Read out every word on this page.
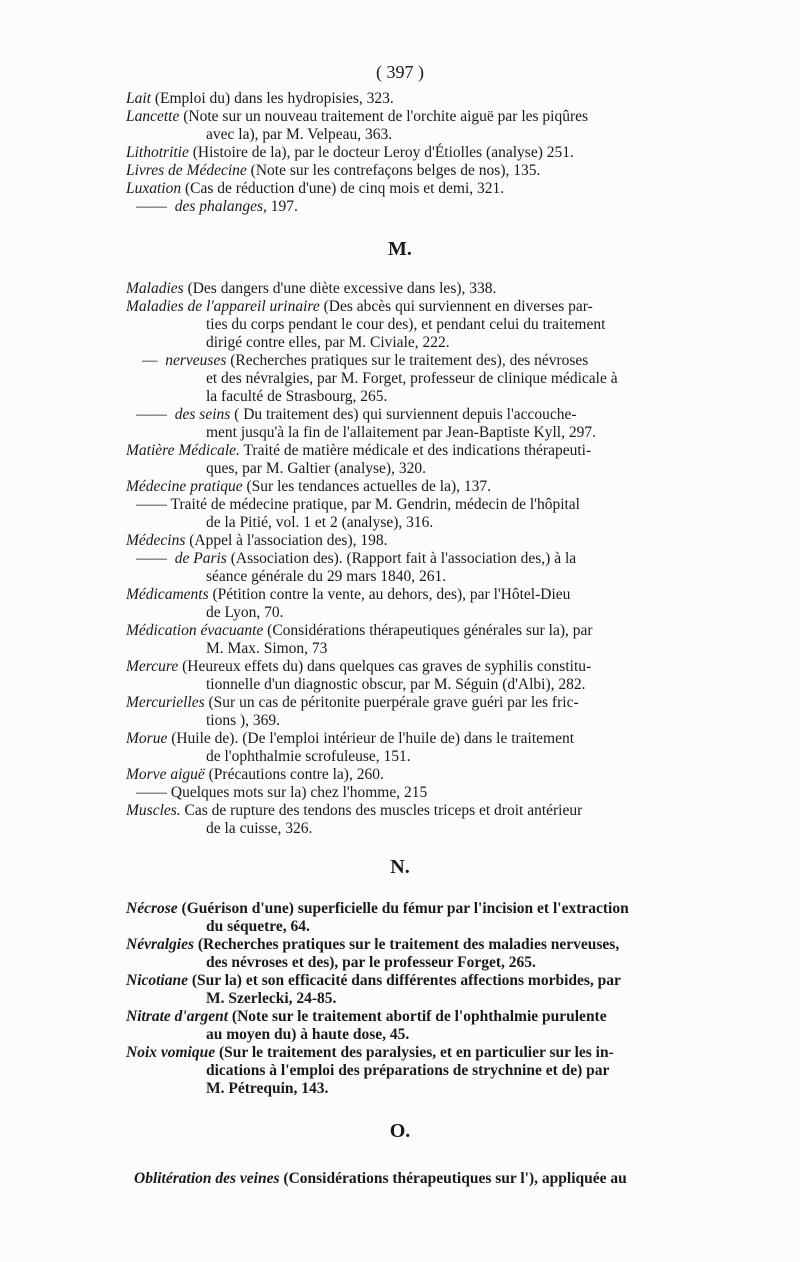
( 397 )
Lait (Emploi du) dans les hydropisies, 323.
Lancette (Note sur un nouveau traitement de l'orchite aiguë par les piqûres
avec la), par M. Velpeau, 363.
Lithotritie (Histoire de la), par le docteur Leroy d'Étiolles (analyse) 251.
Livres de Médecine (Note sur les contrefaçons belges de nos), 135.
Luxation (Cas de réduction d'une) de cinq mois et demi, 321.
—— des phalanges, 197.
M.
Maladies (Des dangers d'une diète excessive dans les), 338.
Maladies de l'appareil urinaire (Des abcès qui surviennent en diverses par-
ties du corps pendant le cour des), et pendant celui du traitement
dirigé contre elles, par M. Civiale, 222.
— nerveuses (Recherches pratiques sur le traitement des), des névroses
et des névralgies, par M. Forget, professeur de clinique médicale à
la faculté de Strasbourg, 265.
—— des seins ( Du traitement des) qui surviennent depuis l'accouche-
ment jusqu'à la fin de l'allaitement par Jean-Baptiste Kyll, 297.
Matière Médicale. Traité de matière médicale et des indications thérapeuti-
ques, par M. Galtier (analyse), 320.
Médecine pratique (Sur les tendances actuelles de la), 137.
—— Traité de médecine pratique, par M. Gendrin, médecin de l'hôpital
de la Pitié, vol. 1 et 2 (analyse), 316.
Médecins (Appel à l'association des), 198.
—— de Paris (Association des). (Rapport fait à l'association des,) à la
séance générale du 29 mars 1840, 261.
Médicaments (Pétition contre la vente, au dehors, des), par l'Hôtel-Dieu
de Lyon, 70.
Médication évacuante (Considérations thérapeutiques générales sur la), par
M. Max. Simon, 73
Mercure (Heureux effets du) dans quelques cas graves de syphilis constitu-
tionnelle d'un diagnostic obscur, par M. Séguin (d'Albi), 282.
Mercurielles (Sur un cas de péritonite puerpérale grave guéri par les fric-
tions ), 369.
Morue (Huile de). (De l'emploi intérieur de l'huile de) dans le traitement
de l'ophthalmie scrofuleuse, 151.
Morve aiguë (Précautions contre la), 260.
—— Quelques mots sur la) chez l'homme, 215
Muscles. Cas de rupture des tendons des muscles triceps et droit antérieur
de la cuisse, 326.
N.
Nécrose (Guérison d'une) superficielle du fémur par l'incision et l'extraction
du séquetre, 64.
Névralgies (Recherches pratiques sur le traitement des maladies nerveuses,
des névroses et des), par le professeur Forget, 265.
Nicotiane (Sur la) et son efficacité dans différentes affections morbides, par
M. Szerlecki, 24-85.
Nitrate d'argent (Note sur le traitement abortif de l'ophthalmie purulente
au moyen du) à haute dose, 45.
Noix vomique (Sur le traitement des paralysies, et en particulier sur les in-
dications à l'emploi des préparations de strychnine et de) par
M. Pétrequin, 143.
O.
Oblitération des veines (Considérations thérapeutiques sur l'), appliquée au
